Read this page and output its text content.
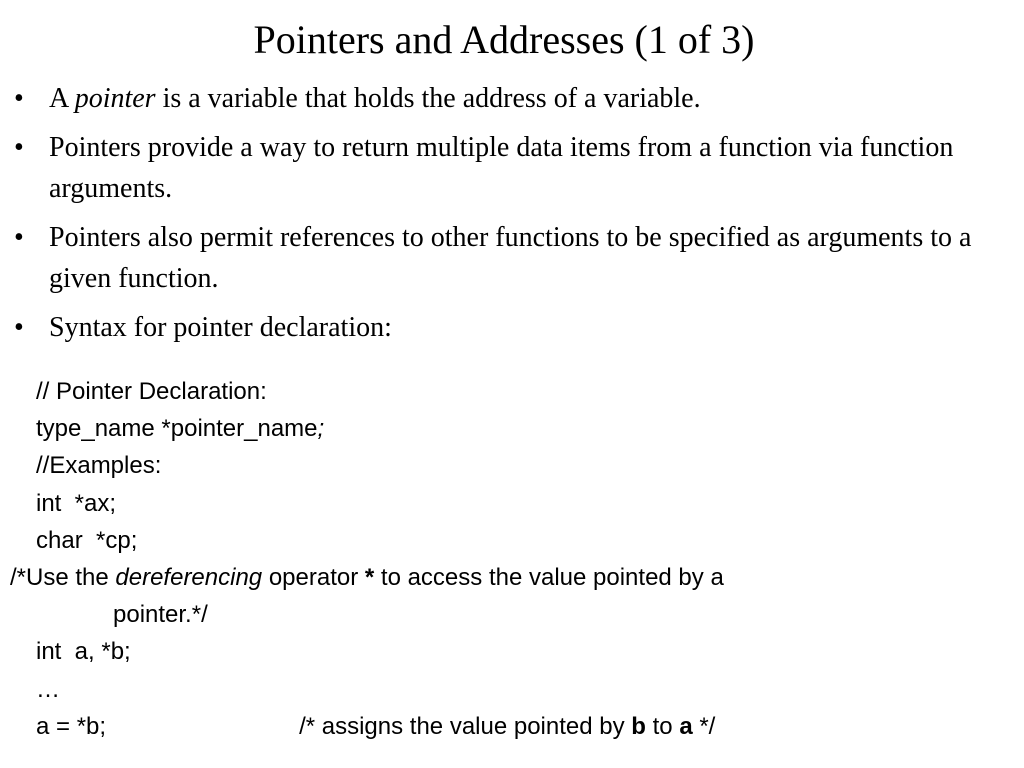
Pointers and Addresses (1 of 3)
• A pointer is a variable that holds the address of a variable.
• Pointers provide a way to return multiple data items from a function via function arguments.
• Pointers also permit references to other functions to be specified as arguments to a given function.
• Syntax for pointer declaration:
// Pointer Declaration:
type_name *pointer_name;
//Examples:
int  *ax;
char  *cp;
/*Use the dereferencing operator * to access the value pointed by a
pointer.*/
int  a, *b;
…
a = *b;	/* assigns the value pointed by b to a */
